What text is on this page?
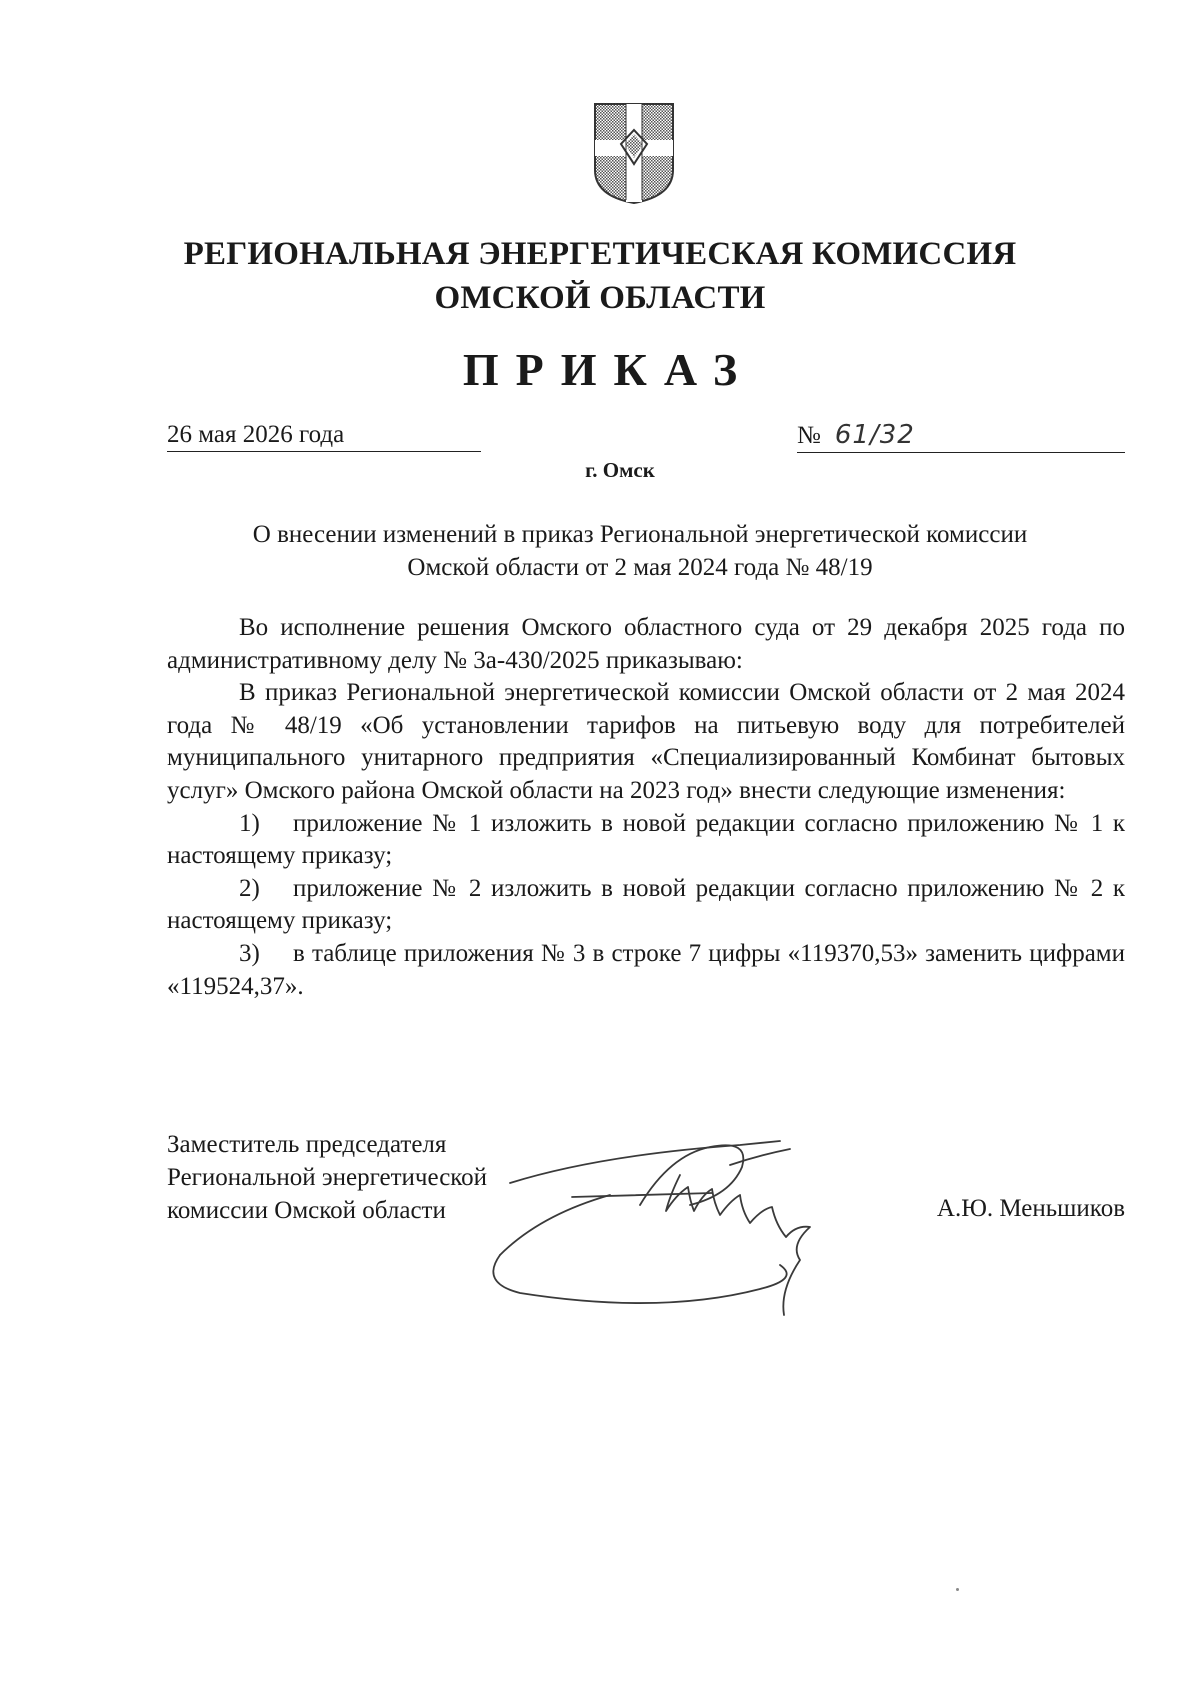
РЕГИОНАЛЬНАЯ ЭНЕРГЕТИЧЕСКАЯ КОМИССИЯ
ОМСКОЙ ОБЛАСТИ
ПРИКАЗ
26 мая 2026 года	№ 61/32
г. Омск
О внесении изменений в приказ Региональной энергетической комиссии
Омской области от 2 мая 2024 года № 48/19

Во исполнение решения Омского областного суда от 29 декабря 2025 года по административному делу № 3а-430/2025 приказываю:

В приказ Региональной энергетической комиссии Омской области от 2 мая 2024 года № 48/19 «Об установлении тарифов на питьевую воду для потребителей муниципального унитарного предприятия «Специализированный Комбинат бытовых услуг» Омского района Омской области на 2023 год» внести следующие изменения:

1) приложение № 1 изложить в новой редакции согласно приложению № 1 к настоящему приказу;

2) приложение № 2 изложить в новой редакции согласно приложению № 2 к настоящему приказу;

3) в таблице приложения № 3 в строке 7 цифры «119370,53» заменить цифрами «119524,37».

Заместитель председателя
Региональной энергетической
комиссии Омской области	А.Ю. Меньшиков
